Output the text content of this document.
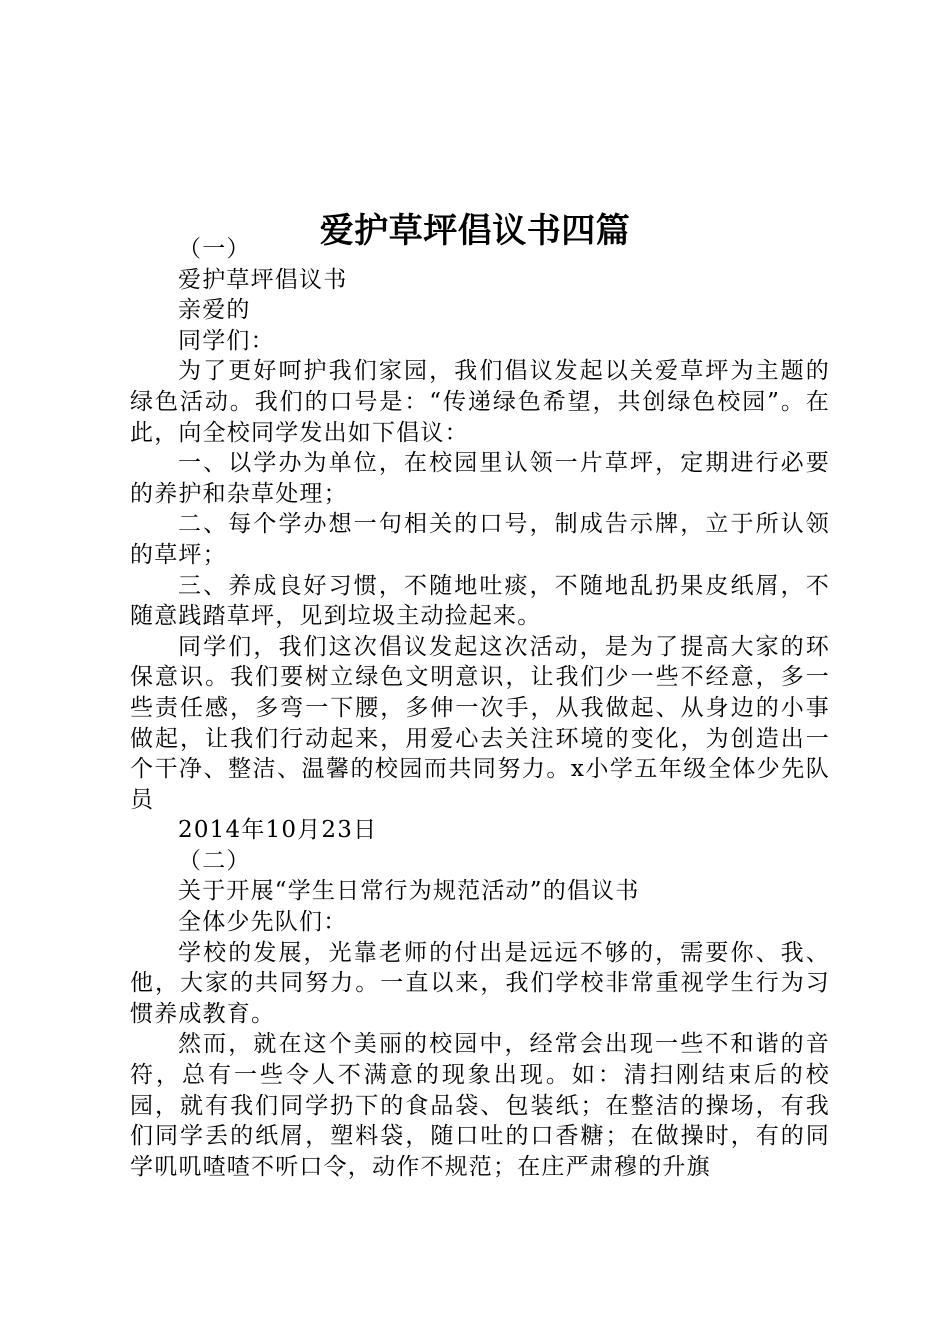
爱护草坪倡议书四篇

（一）

爱护草坪倡议书

亲爱的

同学们：

为了更好呵护我们家园，我们倡议发起以关爱草坪为主题的绿色活动。我们的口号是：“传递绿色希望，共创绿色校园”。在此，向全校同学发出如下倡议：

一、以学办为单位，在校园里认领一片草坪，定期进行必要的养护和杂草处理；

二、每个学办想一句相关的口号，制成告示牌，立于所认领的草坪；

三、养成良好习惯，不随地吐痰，不随地乱扔果皮纸屑，不随意践踏草坪，见到垃圾主动捡起来。

同学们，我们这次倡议发起这次活动，是为了提高大家的环保意识。我们要树立绿色文明意识，让我们少一些不经意，多一些责任感，多弯一下腰，多伸一次手，从我做起、从身边的小事做起，让我们行动起来，用爱心去关注环境的变化，为创造出一个干净、整洁、温馨的校园而共同努力。x小学五年级全体少先队员

2014年10月23日

（二）

关于开展“学生日常行为规范活动”的倡议书

全体少先队们：

学校的发展，光靠老师的付出是远远不够的，需要你、我、他，大家的共同努力。一直以来，我们学校非常重视学生行为习惯养成教育。

然而，就在这个美丽的校园中，经常会出现一些不和谐的音符，总有一些令人不满意的现象出现。如：清扫刚结束后的校园，就有我们同学扔下的食品袋、包装纸；在整洁的操场，有我们同学丢的纸屑，塑料袋，随口吐的口香糖；在做操时，有的同学叽叽喳喳不听口令，动作不规范；在庄严肃穆的升旗
